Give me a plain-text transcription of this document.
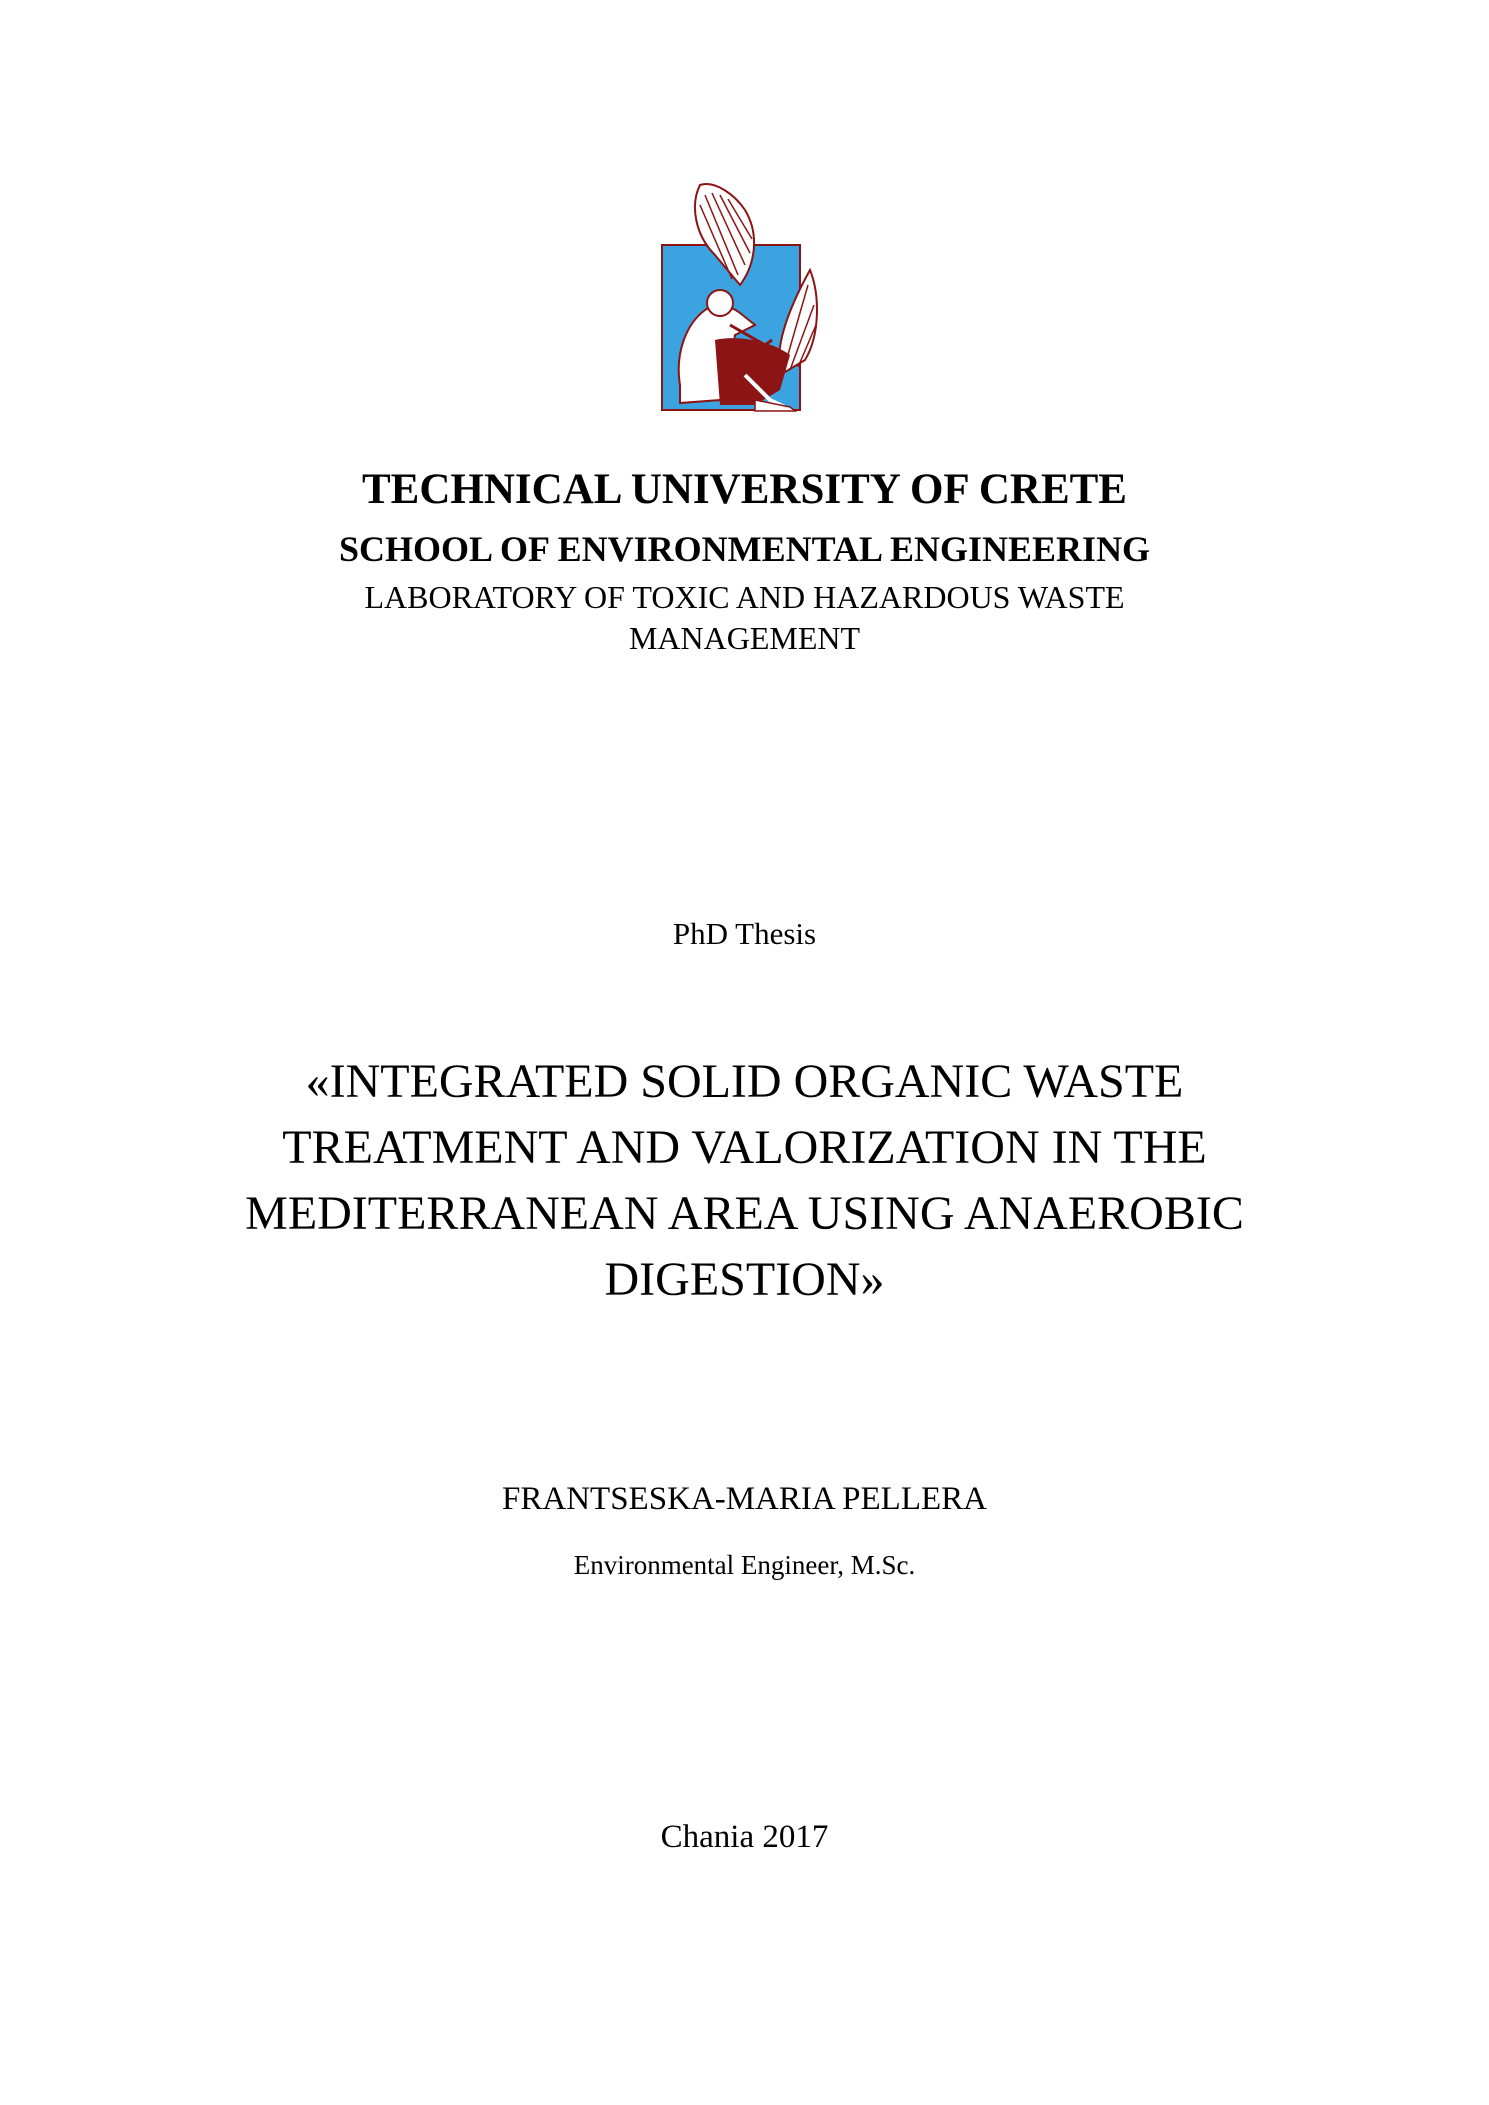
TECHNICAL UNIVERSITY OF CRETE
SCHOOL OF ENVIRONMENTAL ENGINEERING
LABORATORY OF TOXIC AND HAZARDOUS WASTE MANAGEMENT
PhD Thesis
«INTEGRATED SOLID ORGANIC WASTE TREATMENT AND VALORIZATION IN THE MEDITERRANEAN AREA USING ANAEROBIC DIGESTION»
FRANTSESKA-MARIA PELLERA
Environmental Engineer, M.Sc.
Chania 2017
